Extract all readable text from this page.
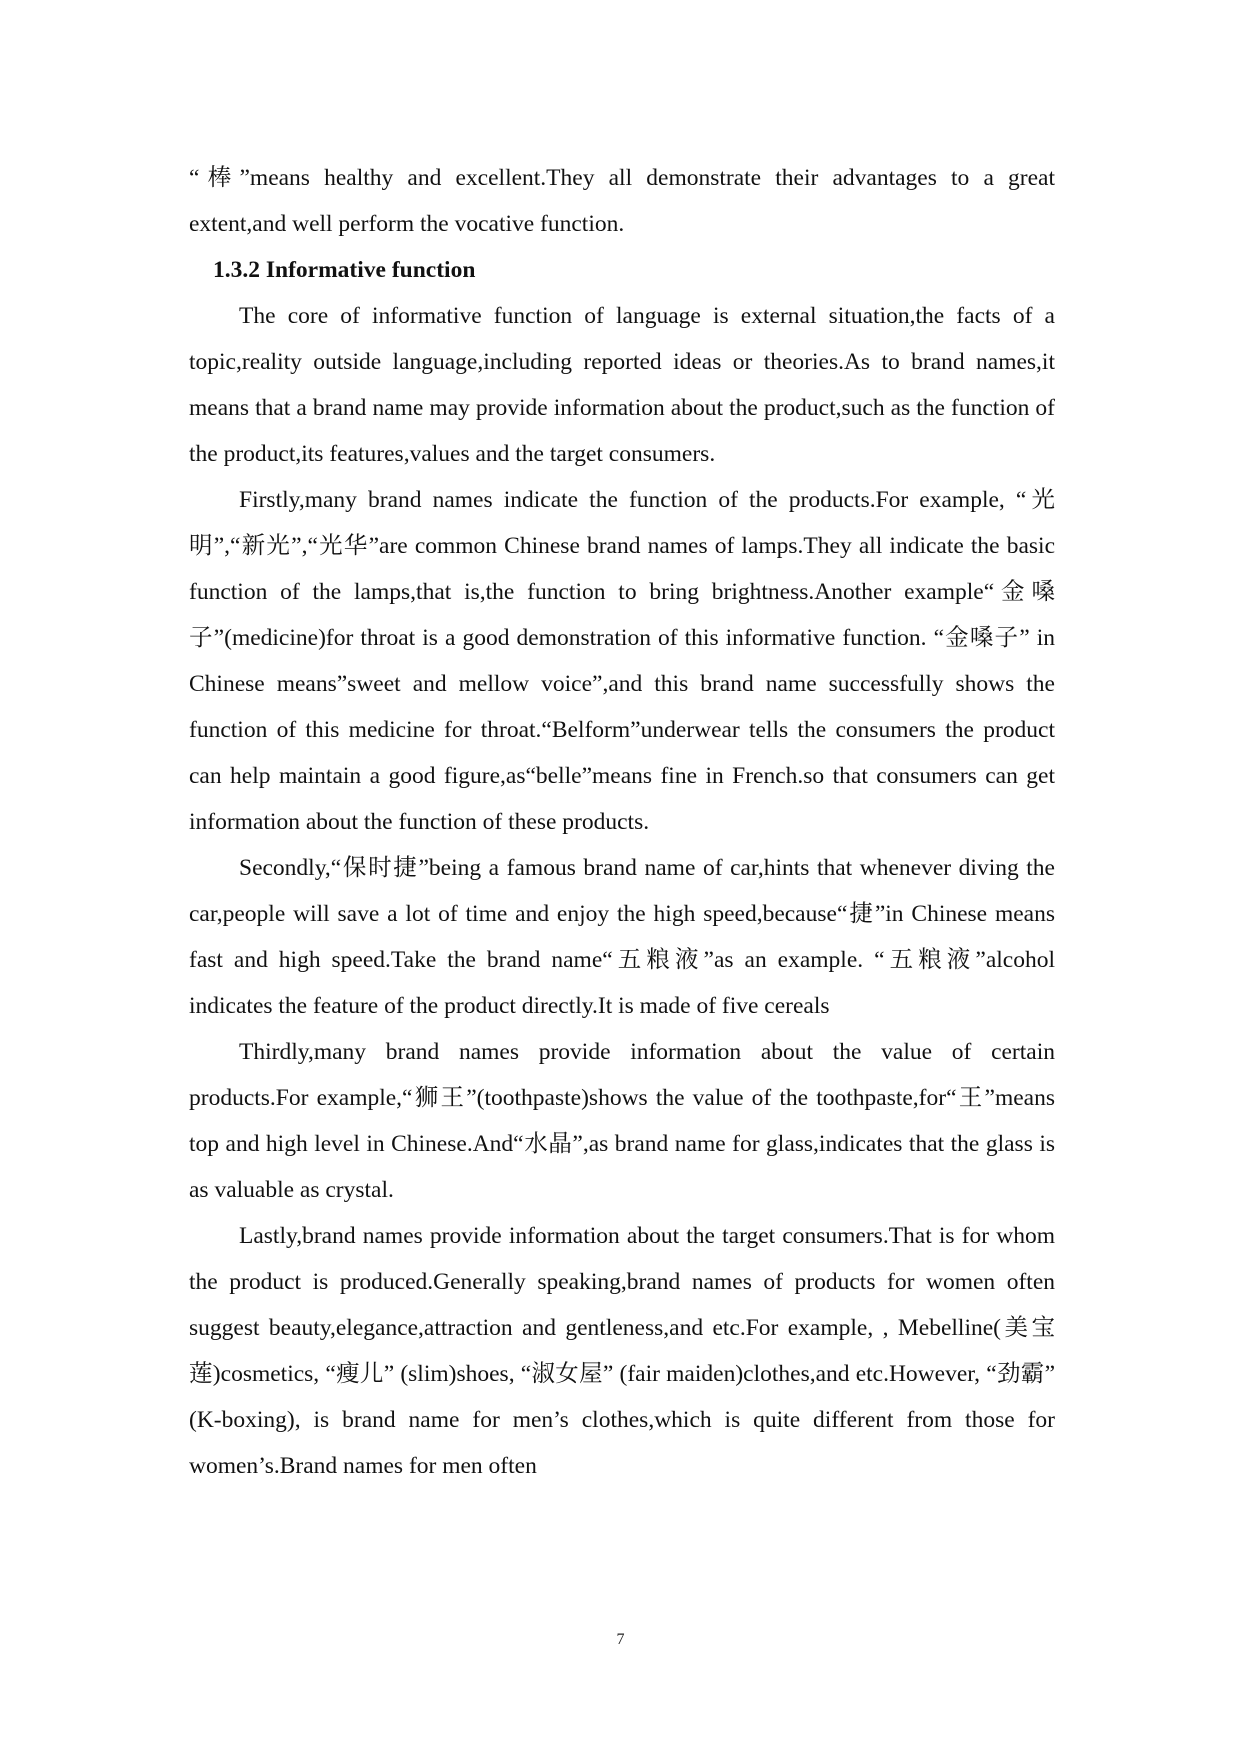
“棒”means healthy and excellent.They all demonstrate their advantages to a great extent,and well perform the vocative function.

1.3.2 Informative function

The core of informative function of language is external situation,the facts of a topic,reality outside language,including reported ideas or theories.As to brand names,it means that a brand name may provide information about the product,such as the function of the product,its features,values and the target consumers.

Firstly,many brand names indicate the function of the products.For example, “光明”,“新光”,“光华”are common Chinese brand names of lamps.They all indicate the basic function of the lamps,that is,the function to bring brightness.Another example“金嗓子”(medicine)for throat is a good demonstration of this informative function. “金嗓子” in Chinese means”sweet and mellow voice”,and this brand name successfully shows the function of this medicine for throat.“Belform”underwear tells the consumers the product can help maintain a good figure,as“belle”means fine in French.so that consumers can get information about the function of these products.

Secondly,“保时捷”being a famous brand name of car,hints that whenever diving the car,people will save a lot of time and enjoy the high speed,because“捷”in Chinese means fast and high speed.Take the brand name“五粮液”as an example. “五粮液”alcohol indicates the feature of the product directly.It is made of five cereals

Thirdly,many brand names provide information about the value of certain products.For example,“狮王”(toothpaste)shows the value of the toothpaste,for“王”means top and high level in Chinese.And“水晶”,as brand name for glass,indicates that the glass is as valuable as crystal.

Lastly,brand names provide information about the target consumers.That is for whom the product is produced.Generally speaking,brand names of products for women often suggest beauty,elegance,attraction and gentleness,and etc.For example, , Mebelline(美宝莲)cosmetics, “瘦儿” (slim)shoes, “淑女屋” (fair maiden)clothes,and etc.However, “劲霸” (K-boxing), is brand name for men’s clothes,which is quite different from those for women’s.Brand names for men often

7
